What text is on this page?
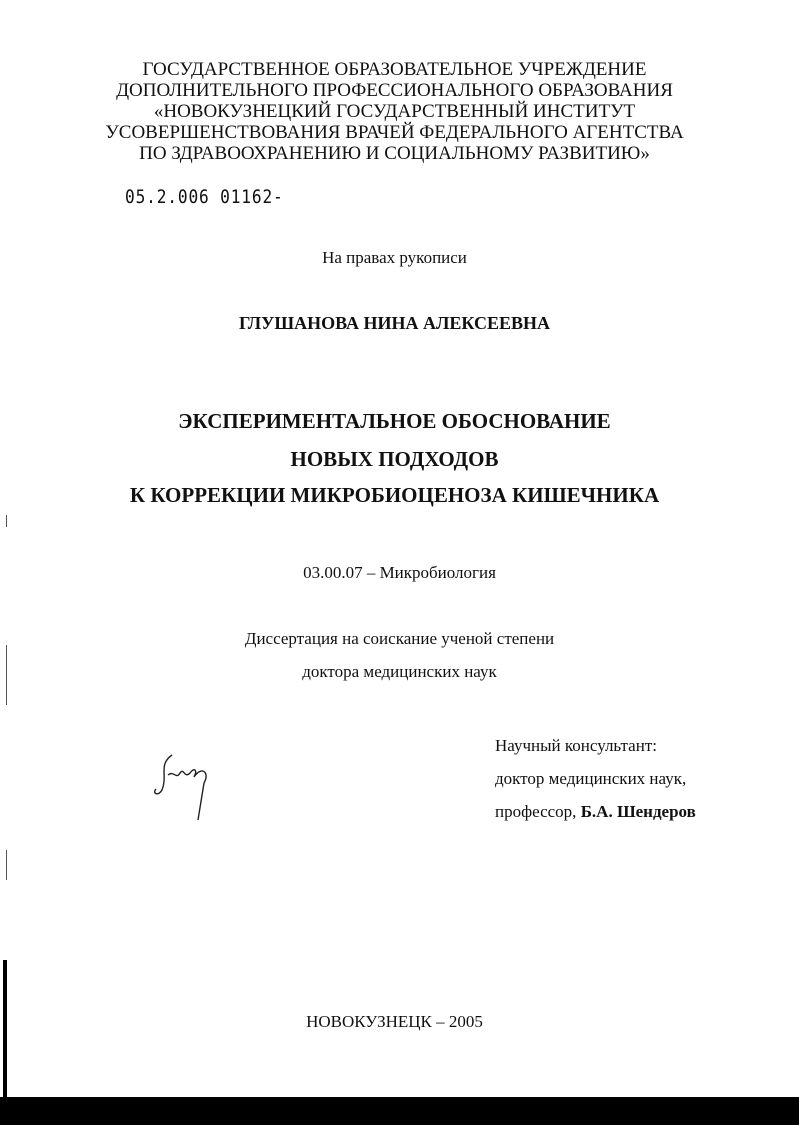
ГОСУДАРСТВЕННОЕ ОБРАЗОВАТЕЛЬНОЕ УЧРЕЖДЕНИЕ
ДОПОЛНИТЕЛЬНОГО ПРОФЕССИОНАЛЬНОГО ОБРАЗОВАНИЯ
«НОВОКУЗНЕЦКИЙ ГОСУДАРСТВЕННЫЙ ИНСТИТУТ
УСОВЕРШЕНСТВОВАНИЯ ВРАЧЕЙ ФЕДЕРАЛЬНОГО АГЕНТСТВА
ПО ЗДРАВООХРАНЕНИЮ И СОЦИАЛЬНОМУ РАЗВИТИЮ»
05.2.006 01162-
На правах рукописи
ГЛУШАНОВА НИНА АЛЕКСЕЕВНА
ЭКСПЕРИМЕНТАЛЬНОЕ ОБОСНОВАНИЕ
НОВЫХ ПОДХОДОВ
К КОРРЕКЦИИ МИКРОБИОЦЕНОЗА КИШЕЧНИКА
03.00.07 – Микробиология
Диссертация на соискание ученой степени
доктора медицинских наук
Научный консультант:
доктор медицинских наук,
профессор, Б.А. Шендеров
НОВОКУЗНЕЦК – 2005
